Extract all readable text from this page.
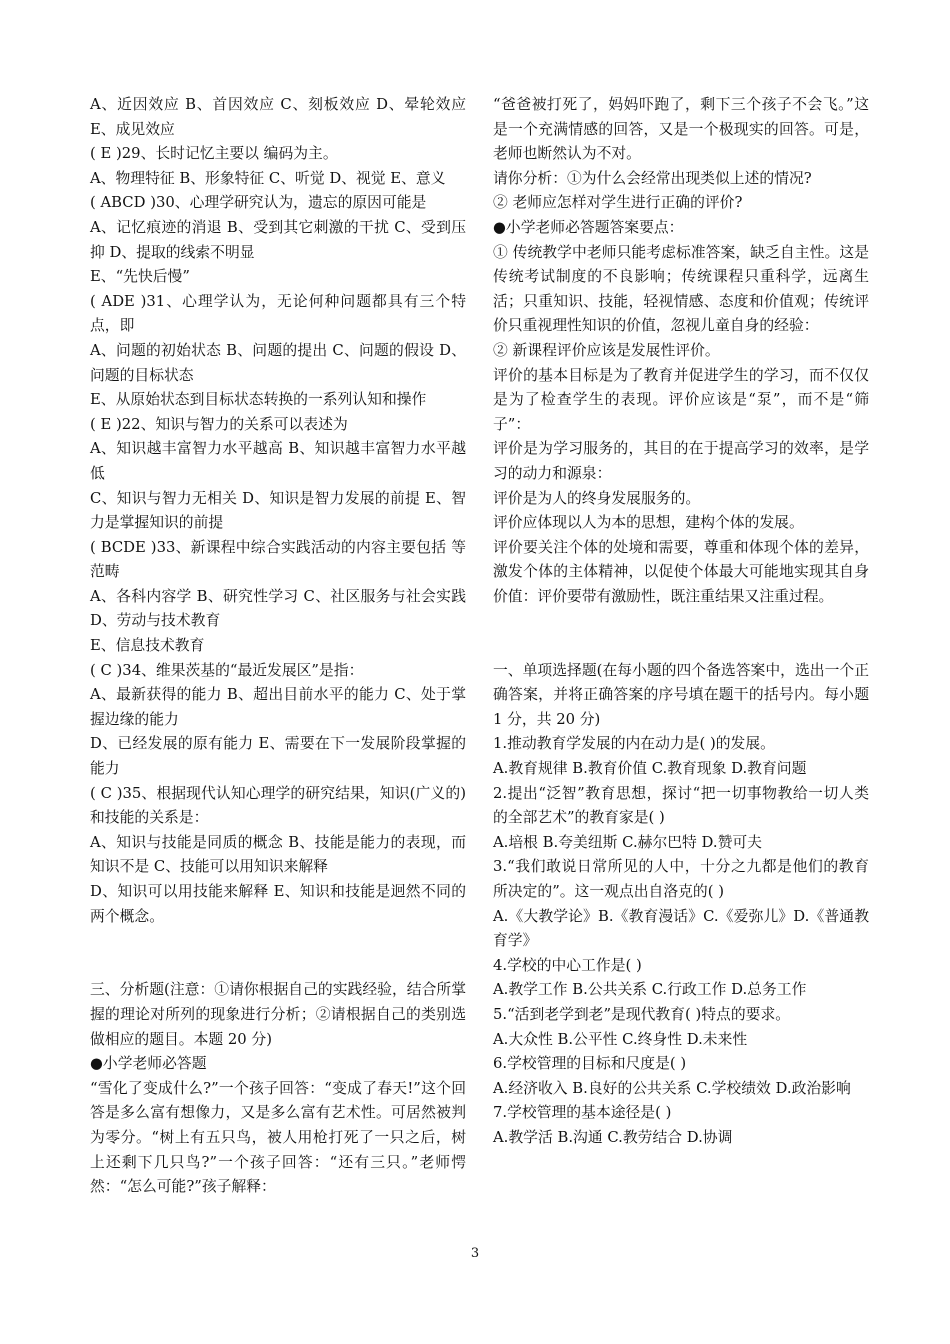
A、近因效应 B、首因效应 C、刻板效应 D、晕轮效应 E、成见效应

( E )29、长时记忆主要以 编码为主。

A、物理特征 B、形象特征 C、听觉 D、视觉 E、意义

( ABCD )30、心理学研究认为，遗忘的原因可能是

A、记忆痕迹的消退 B、受到其它刺激的干扰 C、受到压抑 D、提取的线索不明显

E、“先快后慢”

( ADE )31、心理学认为，无论何种问题都具有三个特点，即

A、问题的初始状态 B、问题的提出 C、问题的假设 D、问题的目标状态

E、从原始状态到目标状态转换的一系列认知和操作

( E )22、知识与智力的关系可以表述为

A、知识越丰富智力水平越高 B、知识越丰富智力水平越低

C、知识与智力无相关 D、知识是智力发展的前提 E、智力是掌握知识的前提

( BCDE )33、新课程中综合实践活动的内容主要包括 等范畴

A、各科内容学 B、研究性学习 C、社区服务与社会实践 D、劳动与技术教育

E、信息技术教育

( C )34、维果茨基的“最近发展区”是指：

A、最新获得的能力 B、超出目前水平的能力 C、处于掌握边缘的能力

D、已经发展的原有能力 E、需要在下一发展阶段掌握的能力

( C )35、根据现代认知心理学的研究结果，知识(广义的)和技能的关系是：

A、知识与技能是同质的概念 B、技能是能力的表现，而知识不是 C、技能可以用知识来解释

D、知识可以用技能来解释 E、知识和技能是迥然不同的两个概念。

三、分析题(注意：①请你根据自己的实践经验，结合所掌握的理论对所列的现象进行分析；②请根据自己的类别选做相应的题目。本题 20 分)

●小学老师必答题

“雪化了变成什么?”一个孩子回答：“变成了春天!”这个回答是多么富有想像力，又是多么富有艺术性。可居然被判为零分。“树上有五只鸟，被人用枪打死了一只之后，树上还剩下几只鸟?”一个孩子回答：“还有三只。”老师愕然：“怎么可能?”孩子解释：

“爸爸被打死了，妈妈吓跑了，剩下三个孩子不会飞。”这是一个充满情感的回答，又是一个极现实的回答。可是，老师也断然认为不对。

请你分析：①为什么会经常出现类似上述的情况?

② 老师应怎样对学生进行正确的评价?

●小学老师必答题答案要点：

① 传统教学中老师只能考虑标准答案，缺乏自主性。这是传统考试制度的不良影响；传统课程只重科学，远离生活；只重知识、技能，轻视情感、态度和价值观；传统评价只重视理性知识的价值，忽视儿童自身的经验：

② 新课程评价应该是发展性评价。

评价的基本目标是为了教育并促进学生的学习，而不仅仅是为了检查学生的表现。评价应该是“泵”，而不是“筛子”：

评价是为学习服务的，其目的在于提高学习的效率，是学习的动力和源泉：

评价是为人的终身发展服务的。

评价应体现以人为本的思想，建构个体的发展。

评价要关注个体的处境和需要，尊重和体现个体的差异，激发个体的主体精神，以促使个体最大可能地实现其自身价值：评价要带有激励性，既注重结果又注重过程。

一、单项选择题(在每小题的四个备选答案中，选出一个正确答案，并将正确答案的序号填在题干的括号内。每小题 1 分，共 20 分)

1.推动教育学发展的内在动力是( )的发展。

A.教育规律 B.教育价值 C.教育现象 D.教育问题

2.提出“泛智”教育思想，探讨“把一切事物教给一切人类的全部艺术”的教育家是( )

A.培根 B.夸美纽斯 C.赫尔巴特 D.赞可夫

3.“我们敢说日常所见的人中，十分之九都是他们的教育所决定的”。这一观点出自洛克的( )

A.《大教学论》B.《教育漫话》C.《爱弥儿》D.《普通教育学》

4.学校的中心工作是( )

A.教学工作 B.公共关系 C.行政工作 D.总务工作

5.“活到老学到老”是现代教育( )特点的要求。

A.大众性 B.公平性 C.终身性 D.未来性

6.学校管理的目标和尺度是( )

A.经济收入 B.良好的公共关系 C.学校绩效 D.政治影响

7.学校管理的基本途径是( )

A.教学活 B.沟通 C.教劳结合 D.协调

3
